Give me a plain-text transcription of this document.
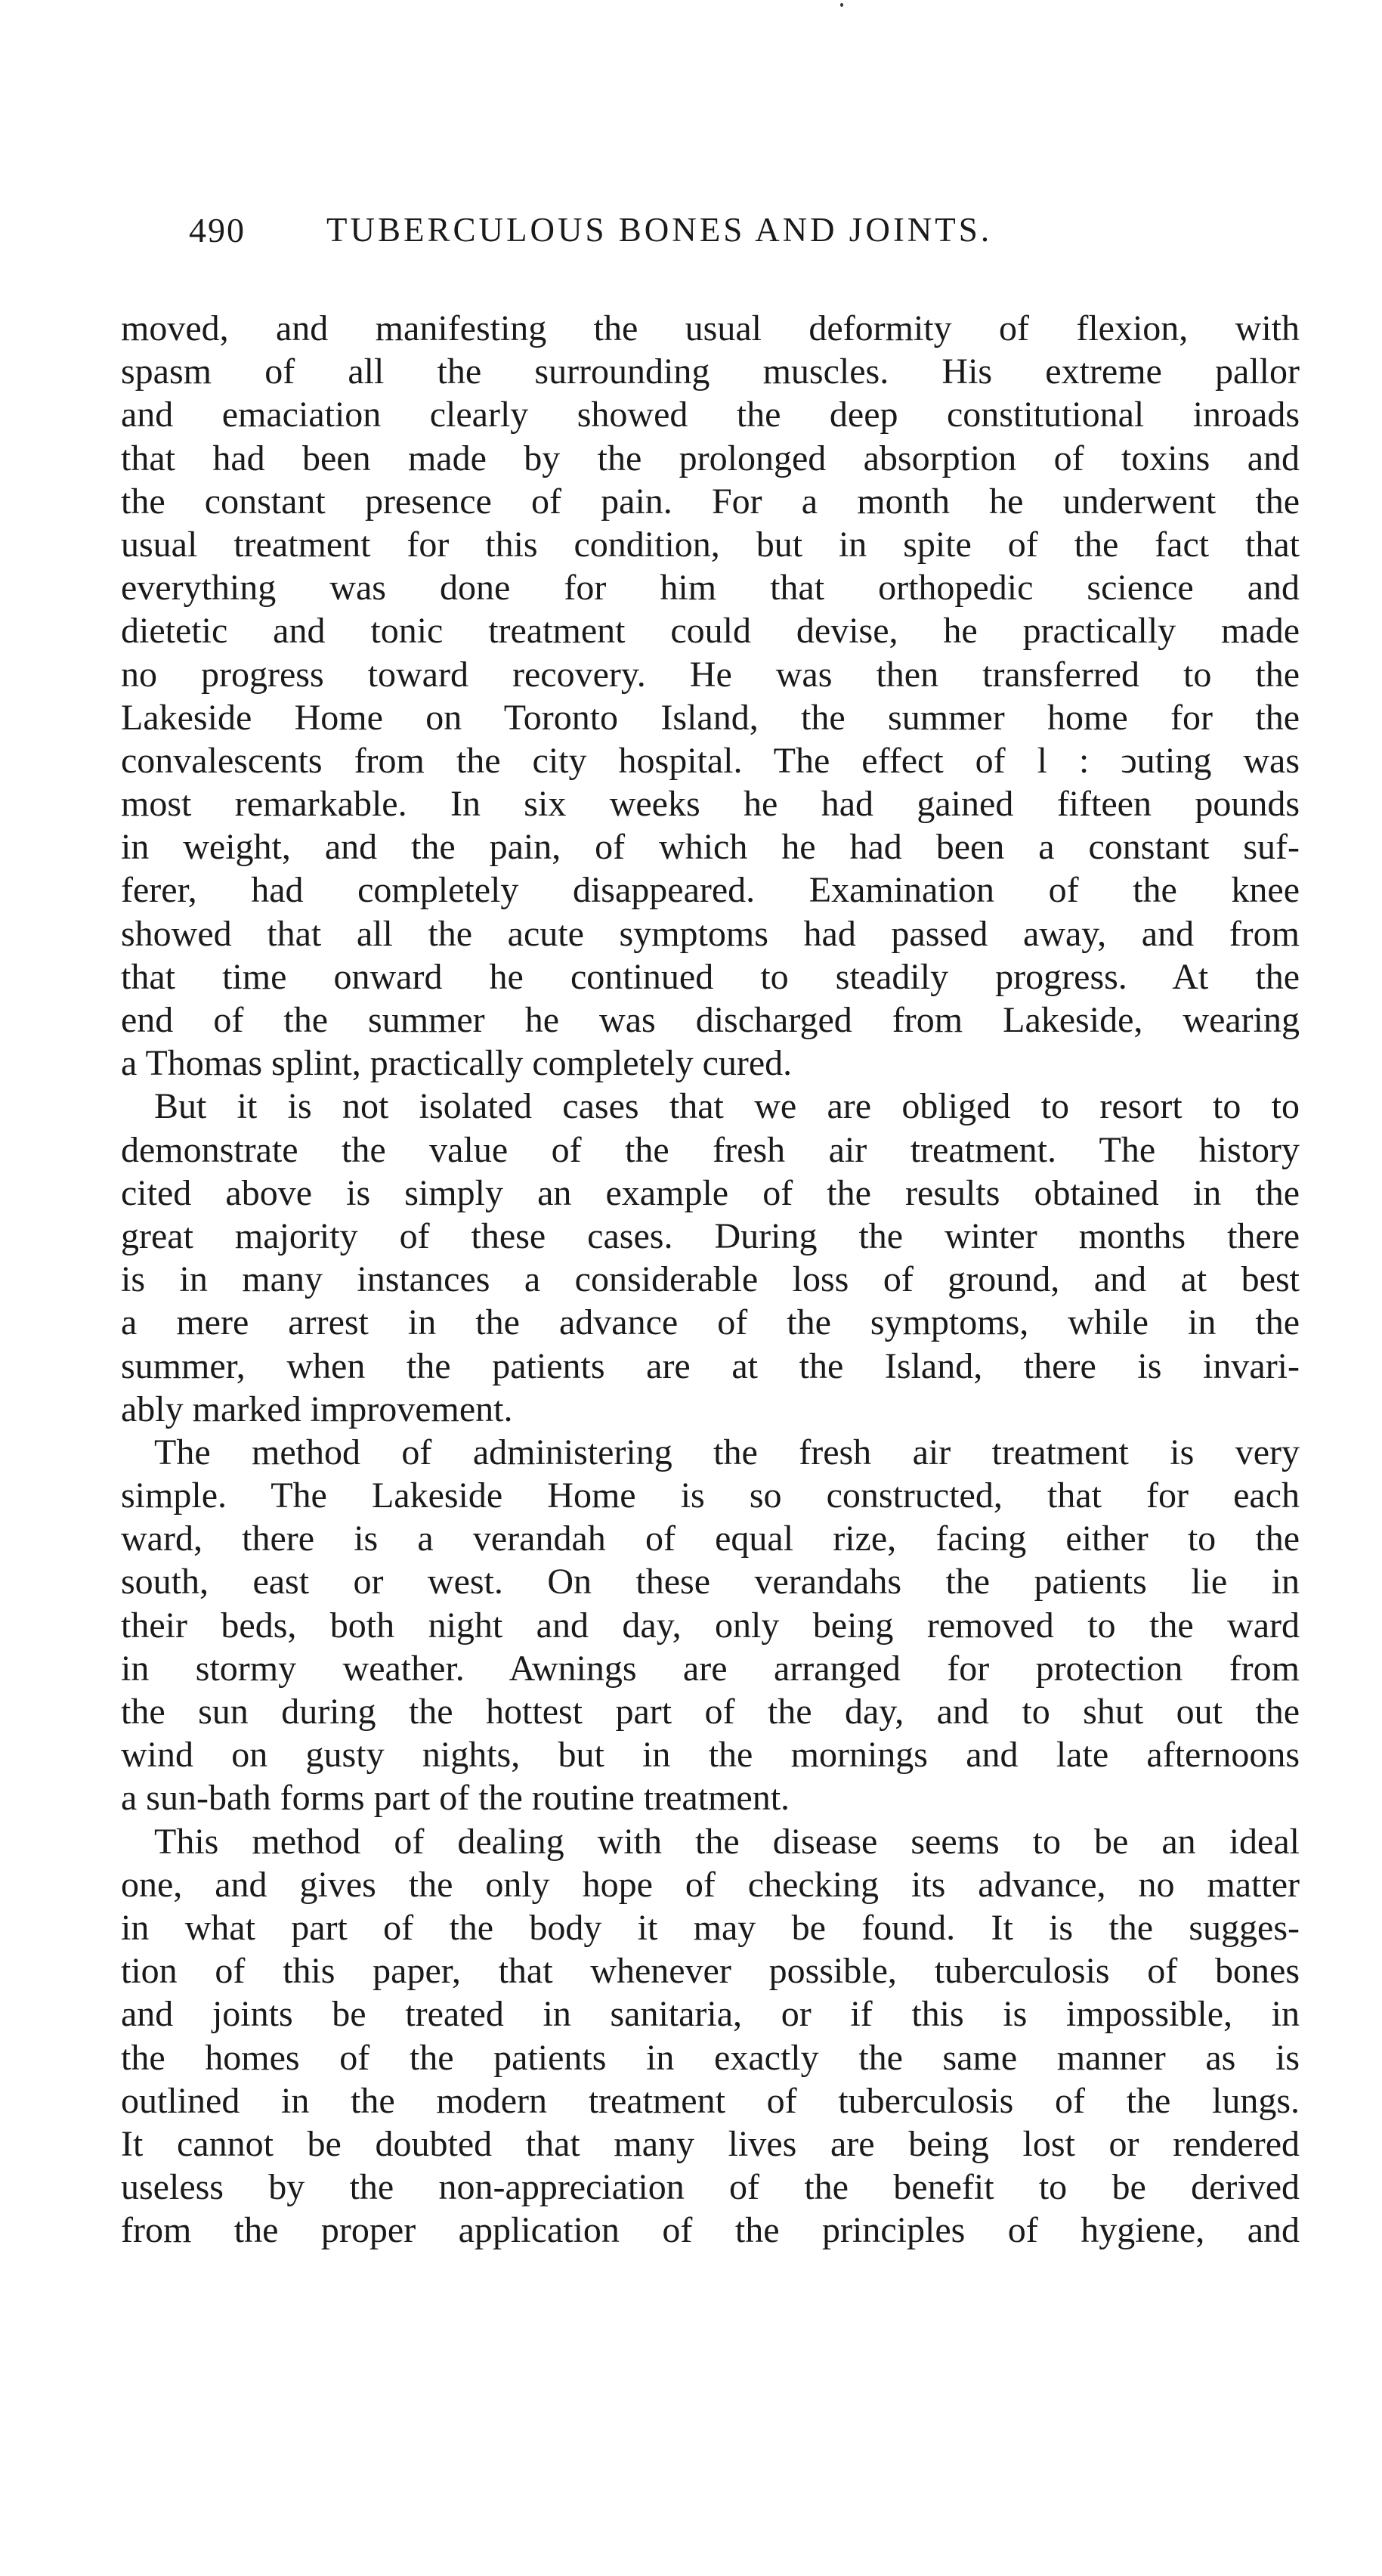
490 TUBERCULOUS BONES AND JOINTS.
moved, and manifesting the usual deformity of flexion, with
spasm of all the surrounding muscles. His extreme pallor
and emaciation clearly showed the deep constitutional inroads
that had been made by the prolonged absorption of toxins and
the constant presence of pain. For a month he underwent the
usual treatment for this condition, but in spite of the fact that
everything was done for him that orthopedic science and
dietetic and tonic treatment could devise, he practically made
no progress toward recovery. He was then transferred to the
Lakeside Home on Toronto Island, the summer home for the
convalescents from the city hospital. The effect of l : ↄuting was
most remarkable. In six weeks he had gained fifteen pounds
in weight, and the pain, of which he had been a constant suf-
ferer, had completely disappeared. Examination of the knee
showed that all the acute symptoms had passed away, and from
that time onward he continued to steadily progress. At the
end of the summer he was discharged from Lakeside, wearing
a Thomas splint, practically completely cured.
But it is not isolated cases that we are obliged to resort to to
demonstrate the value of the fresh air treatment. The history
cited above is simply an example of the results obtained in the
great majority of these cases. During the winter months there
is in many instances a considerable loss of ground, and at best
a mere arrest in the advance of the symptoms, while in the
summer, when the patients are at the Island, there is invari-
ably marked improvement.
The method of administering the fresh air treatment is very
simple. The Lakeside Home is so constructed, that for each
ward, there is a verandah of equal rize, facing either to the
south, east or west. On these verandahs the patients lie in
their beds, both night and day, only being removed to the ward
in stormy weather. Awnings are arranged for protection from
the sun during the hottest part of the day, and to shut out the
wind on gusty nights, but in the mornings and late afternoons
a sun-bath forms part of the routine treatment.
This method of dealing with the disease seems to be an ideal
one, and gives the only hope of checking its advance, no matter
in what part of the body it may be found. It is the sugges-
tion of this paper, that whenever possible, tuberculosis of bones
and joints be treated in sanitaria, or if this is impossible, in
the homes of the patients in exactly the same manner as is
outlined in the modern treatment of tuberculosis of the lungs.
It cannot be doubted that many lives are being lost or rendered
useless by the non-appreciation of the benefit to be derived
from the proper application of the principles of hygiene, and
